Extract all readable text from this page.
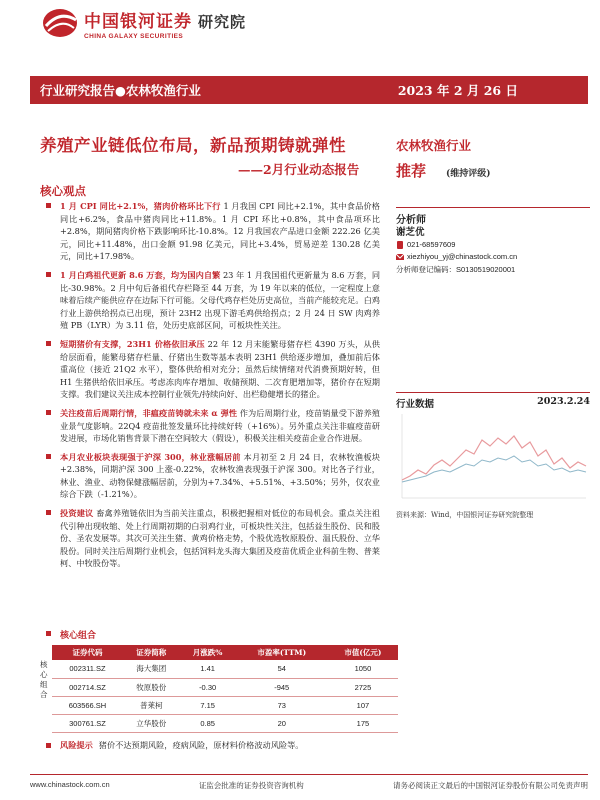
中国银河证券 研究院
CHINA GALAXY SECURITIES
行业研究报告●农林牧渔行业	2023 年 2 月 26 日
养殖产业链低位布局，新品预期铸就弹性
——2月行业动态报告
核心观点
农林牧渔行业
推荐 (维持评级)
分析师
谢芝优
021-68597609
xiezhiyou_yj@chinastock.com.cn
分析师登记编码：S0130519020001
行业数据	2023.2.24
资料来源：Wind，中国银河证券研究院整理
1 月 CPI 同比+2.1%，猪肉价格环比下行 1 月我国 CPI 同比+2.1%，其中食品价格同比+6.2%，食品中猪肉同比+11.8%。1 月 CPI 环比+0.8%，其中食品项环比+2.8%，期间猪肉价格下跌影响环比-10.8%。12 月我国农产品进口金额 222.26 亿美元，同比+11.48%，出口金额 91.98 亿美元，同比+3.4%，贸易逆差 130.28 亿美元，同比+17.98%。
1 月白鸡祖代更新 8.6 万套，均为国内自繁 23 年 1 月我国祖代更新量为 8.6 万套，同比-30.98%。2 月中旬后备祖代存栏降至 44 万套，为 19 年以来的低位，一定程度上意味着后续产能供应存在边际下行可能。父母代鸡存栏处历史高位，当前产能较充足。白鸡行业上游供给拐点已出现，预计 23H2 出现下游毛鸡供给拐点；2 月 24 日 SW 肉鸡养殖 PB（LYR）为 3.11 倍，处历史底部区间，可板块性关注。
短期猪价有支撑，23H1 价格依旧承压 22 年 12 月末能繁母猪存栏 4390 万头，从供给层面看，能繁母猪存栏量、仔猪出生数等基本表明 23H1 供给逐步增加，叠加前后体重高位（接近 21Q2 水平），整体供给相对充分；虽然后续情绪对代消费预期好转，但 H1 生猪供给依旧承压。考虑冻肉库存增加、收储预期、二次育肥增加等，猪价存在短期支撑。我们建议关注成本控制行业领先/持续向好、出栏稳健增长的猪企。
关注疫苗后周期行情，非瘟疫苗铸就未来 α 弹性 作为后周期行业，疫苗销量受下游养殖业景气度影响。22Q4 疫苗批签发量环比持续好转（+16%）。另外重点关注非瘟疫苗研发进展，市场化销售背景下潜在空间较大（假设），积极关注相关疫苗企业合作进展。
本月农业板块表现强于沪深 300，林业涨幅居前 本月初至 2 月 24 日，农林牧渔板块+2.38%，同期沪深 300 上涨-0.22%，农林牧渔表现强于沪深 300。对比各子行业，林业、渔业、动物保健涨幅居前，分别为+7.34%、+5.51%、+3.50%；另外，仅农业综合下跌（-1.21%）。
投资建议 畜禽养殖链依旧为当前关注重点，积极把握相对低位的布局机会。重点关注祖代引种出现收缩、处上行周期初期的白羽鸡行业，可板块性关注，包括益生股份、民和股份、圣农发展等。其次可关注生猪、黄鸡价格走势，个股优选牧原股份、温氏股份、立华股份。同时关注后周期行业机会，包括饲料龙头海大集团及疫苗优质企业科前生物、普莱柯、中牧股份等。
核心组合
核心组合
证券代码	证券简称	月涨跌%	市盈率(TTM)	市值(亿元)
002311.SZ	海大集团	1.41	54	1050
002714.SZ	牧原股份	-0.30	-945	2725
603566.SH	普莱柯	7.15	73	107
300761.SZ	立华股份	0.85	20	175
风险提示 猪价不达预期风险，疫病风险，原材料价格波动风险等。
www.chinastock.com.cn	证监会批准的证券投资咨询机构	请务必阅读正文最后的中国银河证券股份有限公司免责声明
